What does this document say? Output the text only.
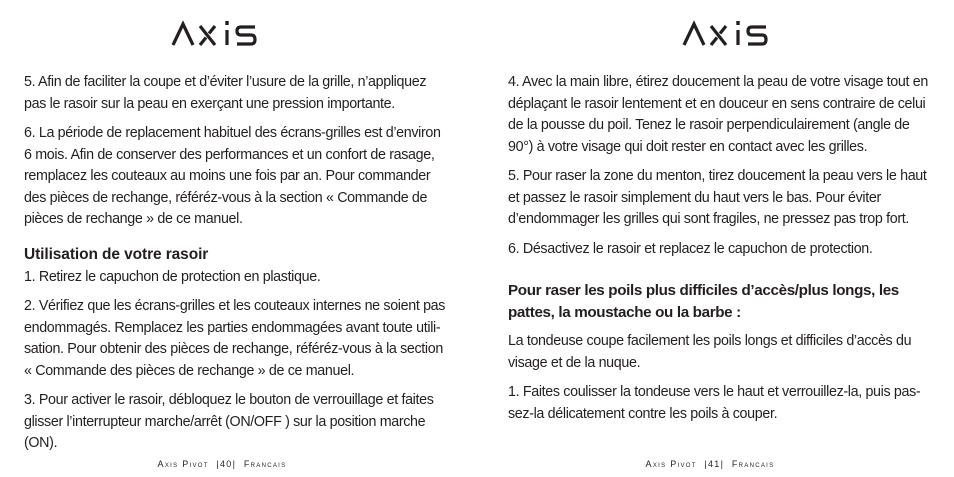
5. Afin de faciliter la coupe et d’éviter l’usure de la grille, n’appliquez pas le rasoir sur la peau en exerçant une pression importante.

6. La période de replacement habituel des écrans-grilles est d’environ 6 mois. Afin de conserver des performances et un confort de rasage, remplacez les couteaux au moins une fois par an. Pour commander des pièces de rechange, référéz-vous à la section « Commande de pièces de rechange » de ce manuel.

Utilisation de votre rasoir

1. Retirez le capuchon de protection en plastique.

2. Vérifiez que les écrans-grilles et les couteaux internes ne soient pas endommagés. Remplacez les parties endommagées avant toute utili-sation. Pour obtenir des pièces de rechange, référéz-vous à la section « Commande des pièces de rechange » de ce manuel.

3. Pour activer le rasoir, débloquez le bouton de verrouillage et faites glisser l’interrupteur marche/arrêt (ON/OFF ) sur la position marche (ON).

Axis Pivot  |40|  Francais

4. Avec la main libre, étirez doucement la peau de votre visage tout en déplaçant le rasoir lentement et en douceur en sens contraire de celui de la pousse du poil. Tenez le rasoir perpendiculairement (angle de 90°) à votre visage qui doit rester en contact avec les grilles.

5. Pour raser la zone du menton, tirez doucement la peau vers le haut et passez le rasoir simplement du haut vers le bas. Pour éviter d’endommager les grilles qui sont fragiles, ne pressez pas trop fort.

6. Désactivez le rasoir et replacez le capuchon de protection.

Pour raser les poils plus difficiles d’accès/plus longs, les pattes, la moustache ou la barbe :

La tondeuse coupe facilement les poils longs et difficiles d’accès du visage et de la nuque.

1. Faites coulisser la tondeuse vers le haut et verrouillez-la, puis pas-sez-la délicatement contre les poils à couper.

Axis Pivot  |41|  Francais
